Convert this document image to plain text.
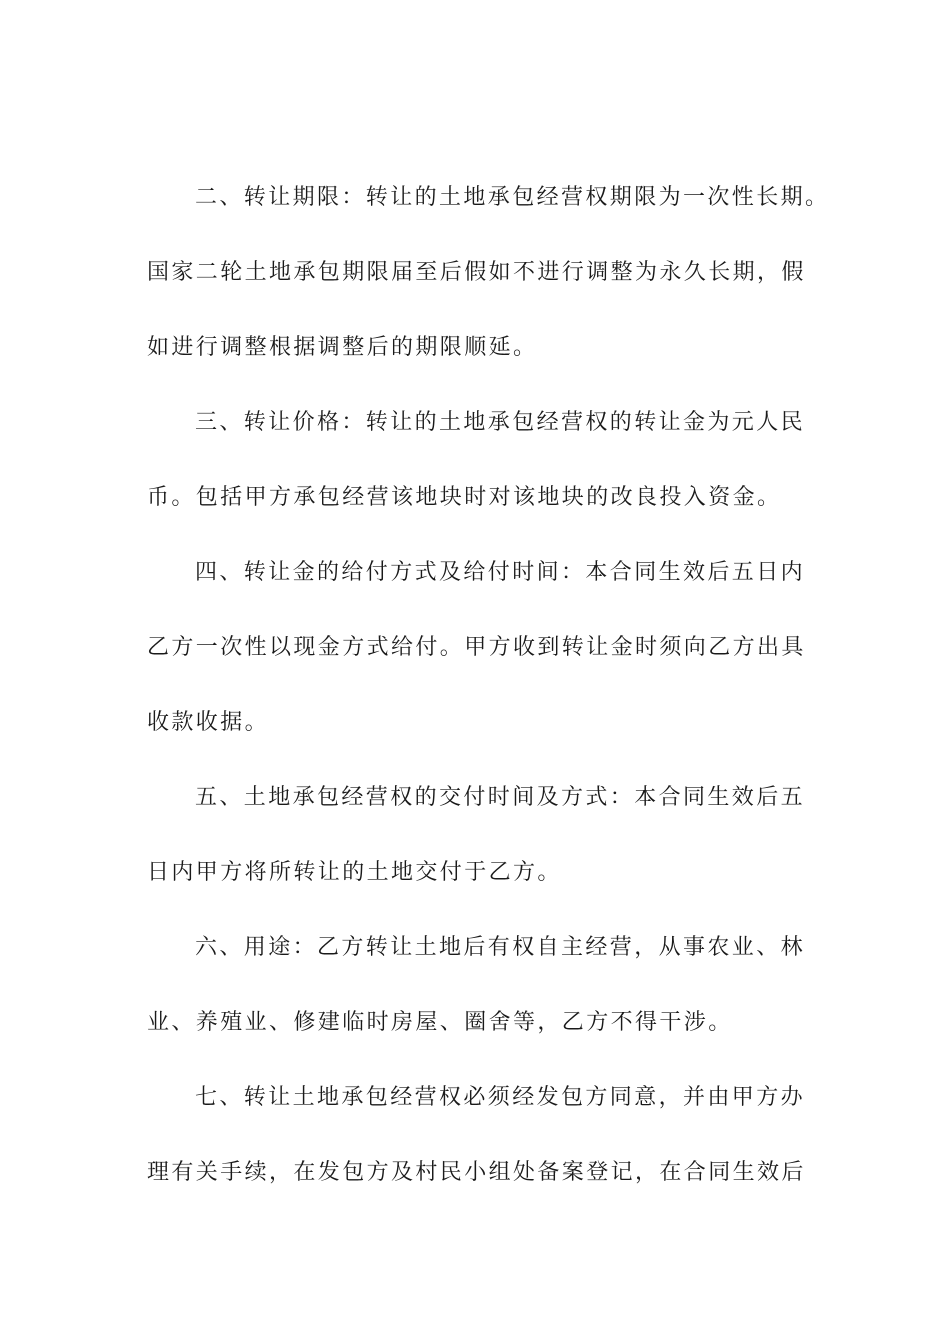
二、转让期限：转让的土地承包经营权期限为一次性长期。
国家二轮土地承包期限届至后假如不进行调整为永久长期，假
如进行调整根据调整后的期限顺延。
三、转让价格：转让的土地承包经营权的转让金为元人民
币。包括甲方承包经营该地块时对该地块的改良投入资金。
四、转让金的给付方式及给付时间：本合同生效后五日内
乙方一次性以现金方式给付。甲方收到转让金时须向乙方出具
收款收据。
五、土地承包经营权的交付时间及方式：本合同生效后五
日内甲方将所转让的土地交付于乙方。
六、用途：乙方转让土地后有权自主经营，从事农业、林
业、养殖业、修建临时房屋、圈舍等，乙方不得干涉。
七、转让土地承包经营权必须经发包方同意，并由甲方办
理有关手续，在发包方及村民小组处备案登记，在合同生效后
